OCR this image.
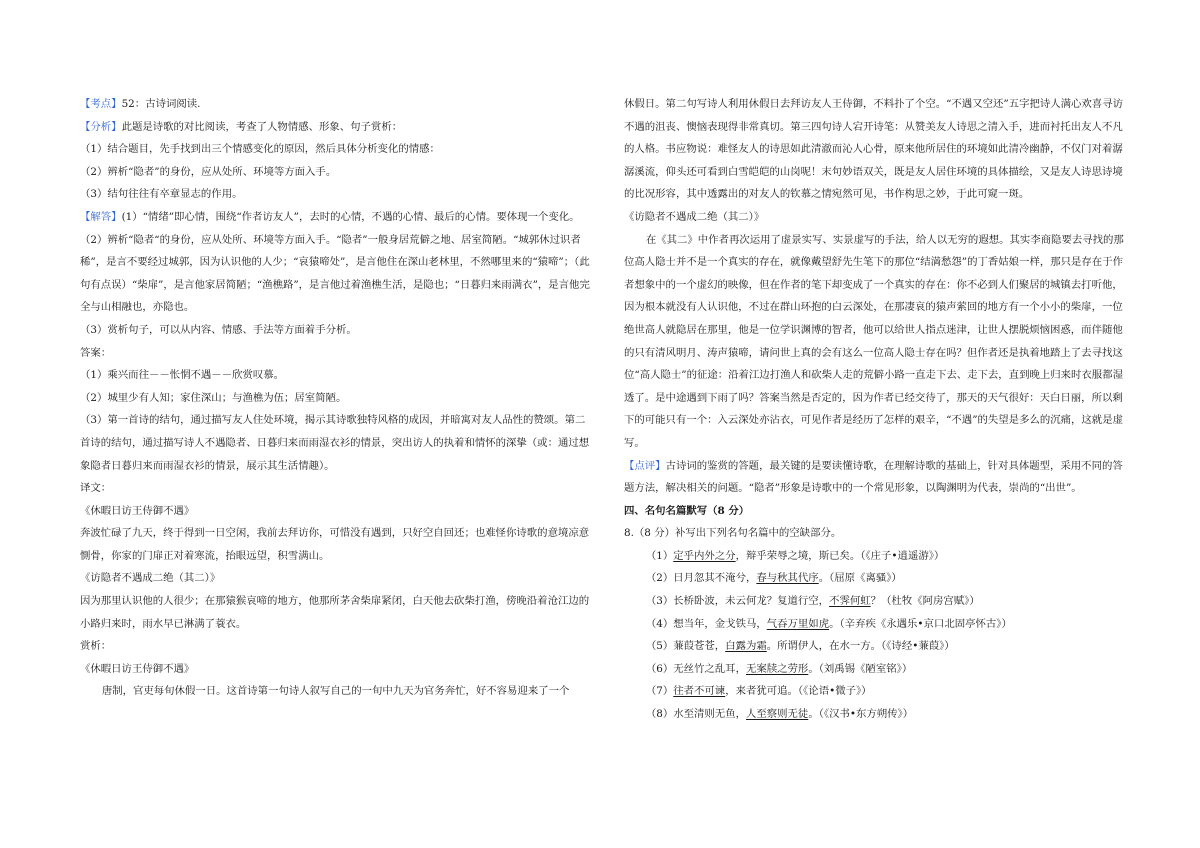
【考点】52：古诗词阅读.

【分析】此题是诗歌的对比阅读，考查了人物情感、形象、句子赏析：

（1）结合题目，先手找到出三个情感变化的原因，然后具体分析变化的情感：

（2）辨析“隐者”的身份，应从处所、环境等方面入手。

（3）结句往往有卒章显志的作用。

【解答】(1）“情绪”即心情，围绕“作者访友人”，去时的心情，不遇的心情、最后的心情。要体现一个变化。

（2）辨析“隐者“的身份，应从处所、环境等方面入手。“隐者”一般身居荒僻之地、居室简陋。“城郭休过识者稀”，是言不要经过城郭，因为认识他的人少；“哀猿啼处”，是言他住在深山老林里，不然哪里来的“猿啼”；（此句有点误）“柴扉”，是言他家居简陋；“渔樵路”，是言他过着渔樵生活，是隐也；“日暮归来雨满衣”，是言他完全与山相融也，亦隐也。

（3）赏析句子，可以从内容、情感、手法等方面着手分析。

答案：

（1）乘兴而往－－怅惘不遇－－欣赏叹慕。

（2）城里少有人知；家住深山；与渔樵为伍；居室简陋。

（3）第一首诗的结句，通过描写友人住处环境，揭示其诗歌独特风格的成因，并暗寓对友人品性的赞颂。第二首诗的结句，通过描写诗人不遇隐者、日暮归来而雨湿衣衫的情景，突出访人的执着和情怀的深挚（或：通过想象隐者日暮归来而雨湿衣衫的情景，展示其生活情趣）。

译文：

《休暇日访王侍御不遇》

奔波忙碌了九天，终于得到一日空闲，我前去拜访你，可惜没有遇到，只好空自回还；也难怪你诗歌的意境凉意惻骨，你家的门扉正对着寒流，抬眼远望，积雪满山。

《访隐者不遇成二绝（其二）》

因为那里认识他的人很少；在那猿猴哀啼的地方，他那所茅舍柴扉紧闭，白天他去砍柴打渔，傍晚沿着沧江边的小路归来时，雨水早已淋满了蓑衣。

赏析：

《休暇日访王侍御不遇》

唐制，官吏每旬休假一日。这首诗第一句诗人叙写自己的一旬中九天为官务奔忙，好不容易迎来了一个

休假日。第二句写诗人利用休假日去拜访友人王侍御，不料扑了个空。“不遇又空还”五字把诗人满心欢喜寻访不遇的沮丧、懊恼表现得非常真切。第三四句诗人宕开诗笔：从赞美友人诗思之清入手，进而衬托出友人不凡的人格。书应物说：难怪友人的诗思如此清澈而沁人心骨，原来他所居住的环境如此清冷幽静，不仅门对着潺潺溪流，仰头还可看到白雪皑皑的山岗呢！末句妙语双关，既是友人居住环境的具体描绘，又是友人诗思诗境的比况形容，其中透露出的对友人的钦慕之情宛然可见，书作构思之妙，于此可窥一斑。

《访隐者不遇成二绝（其二）》

在《其二》中作者再次运用了虚景实写、实景虚写的手法，给人以无穷的遐想。其实李商隐要去寻找的那位高人隐士并不是一个真实的存在，就像戴望舒先生笔下的那位“结満愁怨”的丁香姑娘一样，那只是存在于作者想象中的一个虚幻的映像，但在作者的笔下却变成了一个真实的存在：你不必到人们聚居的城镇去打听他，因为根本就没有人认识他，不过在群山环抱的白云深处，在那凄哀的猿声萦回的地方有一个小小的柴扉，一位绝世高人就隐居在那里，他是一位学识渊博的智者，他可以给世人指点迷津，让世人摆脱烦恼困惑，而伴随他的只有清风明月、涛声猿啼，请问世上真的会有这么一位高人隐士存在吗？但作者还是执着地踏上了去寻找这位“高人隐士”的征途：沿着江边打渔人和砍柴人走的荒僻小路一直走下去、走下去，直到晚上归来时衣服都湿透了。是中途遇到下雨了吗？答案当然是否定的，因为作者已经交待了，那天的天气很好：天白日丽，所以剩下的可能只有一个：入云深处亦沾衣，可见作者是经历了怎样的艰辛，“不遇”的失望是多么的沉痛，这就是虚写。

【点评】古诗词的鉴赏的答题，最关键的是要读懂诗歌，在理解诗歌的基础上，针对具体题型，采用不同的答题方法，解决相关的问题。“隐者”形象是诗歌中的一个常见形象，以陶渊明为代表，崇尚的“出世”。

四、名句名篇默写（8 分）

8.（8 分）补写出下列名句名篇中的空缺部分。

（1）定乎内外之分，辩乎荣辱之境，斯已矣。（《庄子•逍遥游》）

（2）日月忽其不淹兮，春与秋其代序。（屈原《离骚》）

（3）长桥卧波，未云何龙？复道行空，不霁何虹？（杜牧《阿房宫赋》）

（4）想当年，金戈铁马，气吞万里如虎。（辛弃疾《永遇乐•京口北固亭怀古》）

（5）蒹葭苍苍，白露为霜。所谓伊人，在水一方。（《诗经•蒹葭》）

（6）无丝竹之乱耳，无案牍之劳形。（刘禹锡《陋室铭》）

（7）往者不可谏，来者犹可追。（《论语•微子》）

（8）水至清则无鱼，人至察则无徒。（《汉书•东方朔传》）
